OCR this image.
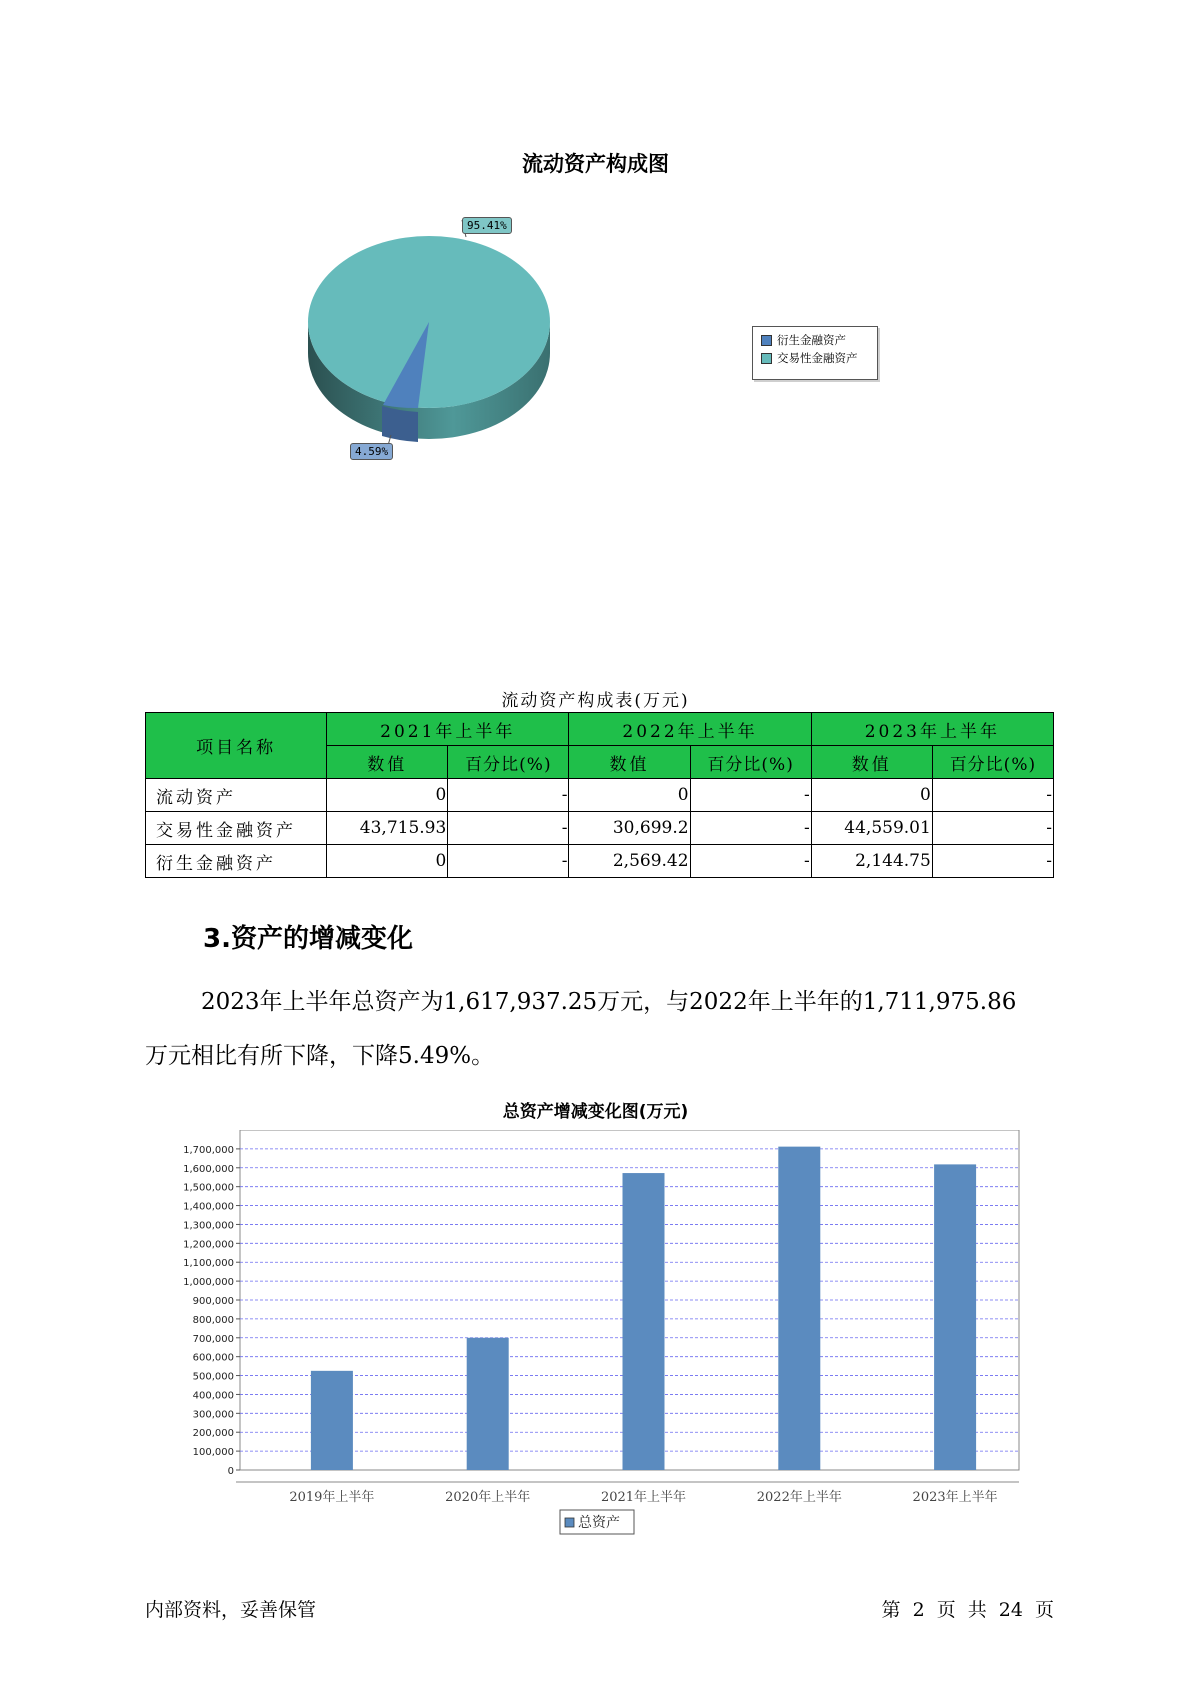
流动资产构成图
95.41%
4.59%
衍生金融资产
交易性金融资产
流动资产构成表(万元)
项目名称	2021年上半年		2022年上半年		2023年上半年	
	数值	百分比(%)	数值	百分比(%)	数值	百分比(%)
流动资产	0	-	0	-	0	-
交易性金融资产	43,715.93	-	30,699.2	-	44,559.01	-
衍生金融资产	0	-	2,569.42	-	2,144.75	-
3.资产的增减变化
2023年上半年总资产为1,617,937.25万元，与2022年上半年的1,711,975.86万元相比有所下降，下降5.49%。
总资产增减变化图(万元)
0
100,000
200,000
300,000
400,000
500,000
600,000
700,000
800,000
900,000
1,000,000
1,100,000
1,200,000
1,300,000
1,400,000
1,500,000
1,600,000
1,700,000
2019年上半年	2020年上半年	2021年上半年	2022年上半年	2023年上半年
总资产
内部资料，妥善保管	第 2 页 共 24 页
